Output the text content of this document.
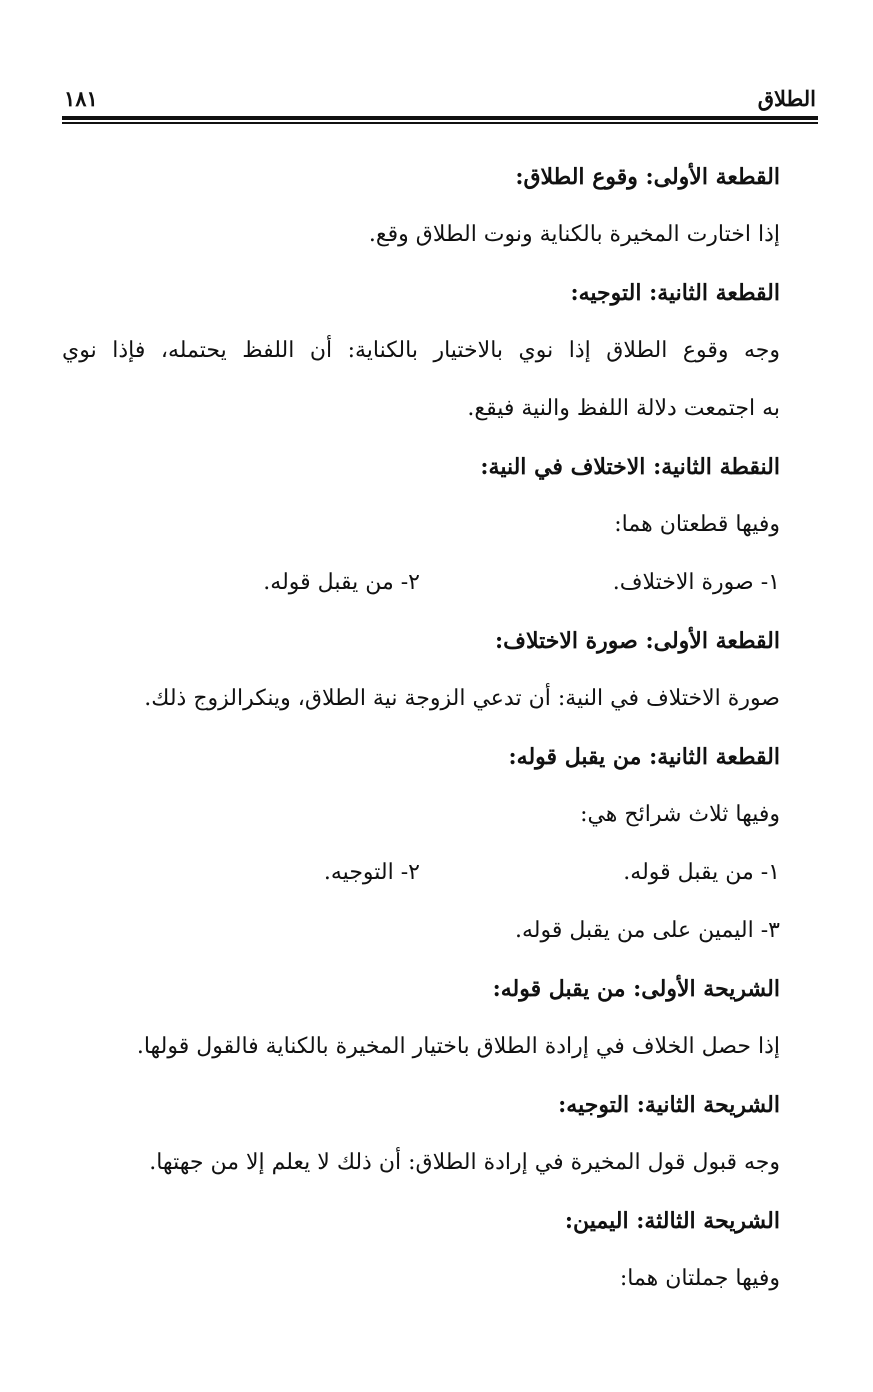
الطلاق
١٨١
القطعة الأولى: وقوع الطلاق:
إذا اختارت المخيرة بالكناية ونوت الطلاق وقع.
القطعة الثانية: التوجيه:
وجه وقوع الطلاق إذا نوي بالاختيار بالكناية: أن اللفظ يحتمله، فإذا نوي
به اجتمعت دلالة اللفظ والنية فيقع.
النقطة الثانية: الاختلاف في النية:
وفيها قطعتان هما:
١- صورة الاختلاف.
٢- من يقبل قوله.
القطعة الأولى: صورة الاختلاف:
صورة الاختلاف في النية: أن تدعي الزوجة نية الطلاق، وينكرالزوج ذلك.
القطعة الثانية: من يقبل قوله:
وفيها ثلاث شرائح هي:
١- من يقبل قوله.
٢- التوجيه.
٣- اليمين على من يقبل قوله.
الشريحة الأولى: من يقبل قوله:
إذا حصل الخلاف في إرادة الطلاق باختيار المخيرة بالكناية فالقول قولها.
الشريحة الثانية: التوجيه:
وجه قبول قول المخيرة في إرادة الطلاق: أن ذلك لا يعلم إلا من جهتها.
الشريحة الثالثة: اليمين:
وفيها جملتان هما:
